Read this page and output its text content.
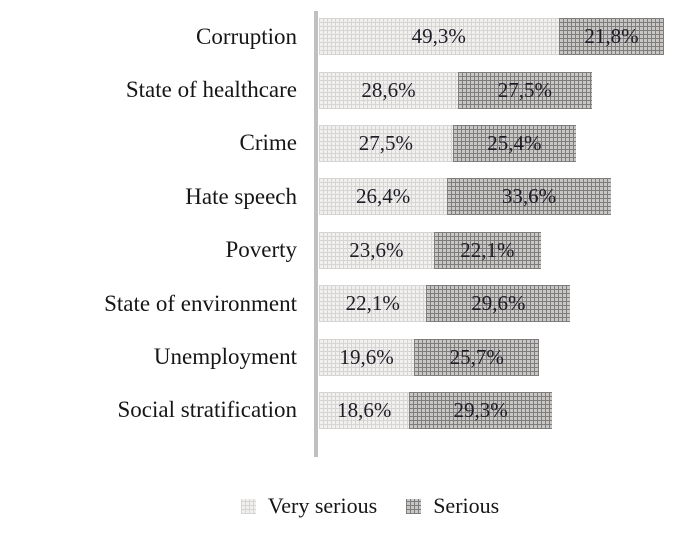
Corruption	49,3%	21,8%
State of healthcare	28,6%	27,5%
Crime	27,5%	25,4%
Hate speech	26,4%	33,6%
Poverty 23,6%	22,1%
State of environment 22,1%	29,6%
Unemployment 19,6%	25,7%
Social stratification 18,6%	29,3%
Very serious	Serious
